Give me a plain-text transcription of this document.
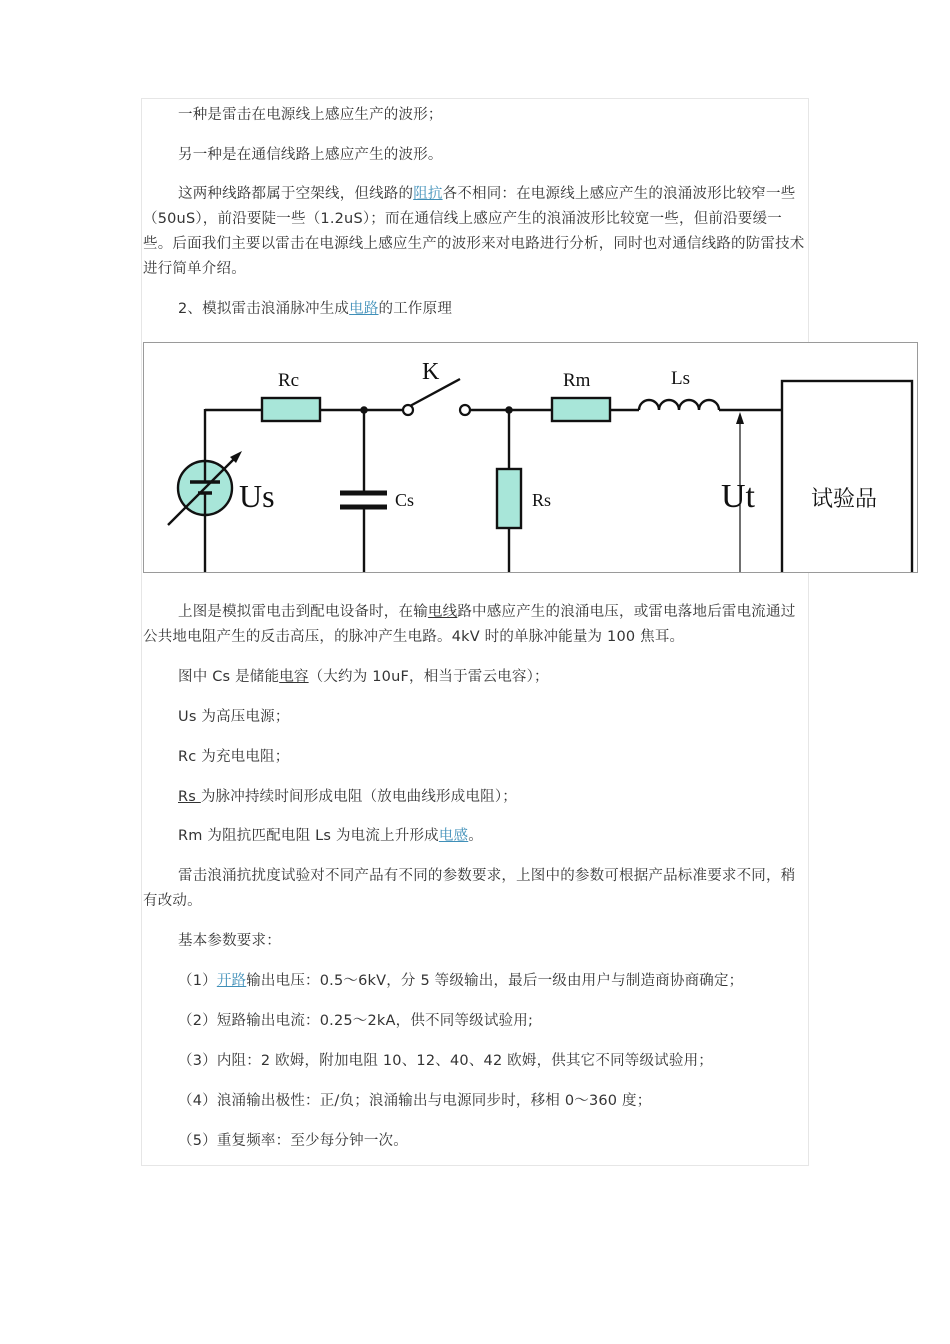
一种是雷击在电源线上感应生产的波形；

另一种是在通信线路上感应产生的波形。

这两种线路都属于空架线，但线路的阻抗各不相同：在电源线上感应产生的浪涌波形比较窄一些（50uS），前沿要陡一些（1.2uS）；而在通信线上感应产生的浪涌波形比较宽一些，但前沿要缓一些。后面我们主要以雷击在电源线上感应生产的波形来对电路进行分析，同时也对通信线路的防雷技术进行简单介绍。

2、模拟雷击浪涌脉冲生成电路的工作原理

Rc
Cs
K
Rs
Rm	Ls
Ut	试验品
Us

上图是模拟雷电击到配电设备时，在输电线路中感应产生的浪涌电压，或雷电落地后雷电流通过公共地电阻产生的反击高压，的脉冲产生电路。4kV 时的单脉冲能量为 100 焦耳。

图中 Cs 是储能电容（大约为 10uF，相当于雷云电容）；

Us 为高压电源；

Rc 为充电电阻；

Rs 为脉冲持续时间形成电阻（放电曲线形成电阻）；

Rm 为阻抗匹配电阻 Ls 为电流上升形成电感。

雷击浪涌抗扰度试验对不同产品有不同的参数要求，上图中的参数可根据产品标准要求不同，稍有改动。

基本参数要求：

（1）开路输出电压：0.5～6kV，分 5 等级输出，最后一级由用户与制造商协商确定；

（2）短路输出电流：0.25～2kA，供不同等级试验用;

（3）内阻：2 欧姆，附加电阻 10、12、40、42 欧姆，供其它不同等级试验用；

（4）浪涌输出极性：正/负；浪涌输出与电源同步时，移相 0～360 度；

（5）重复频率：至少每分钟一次。
